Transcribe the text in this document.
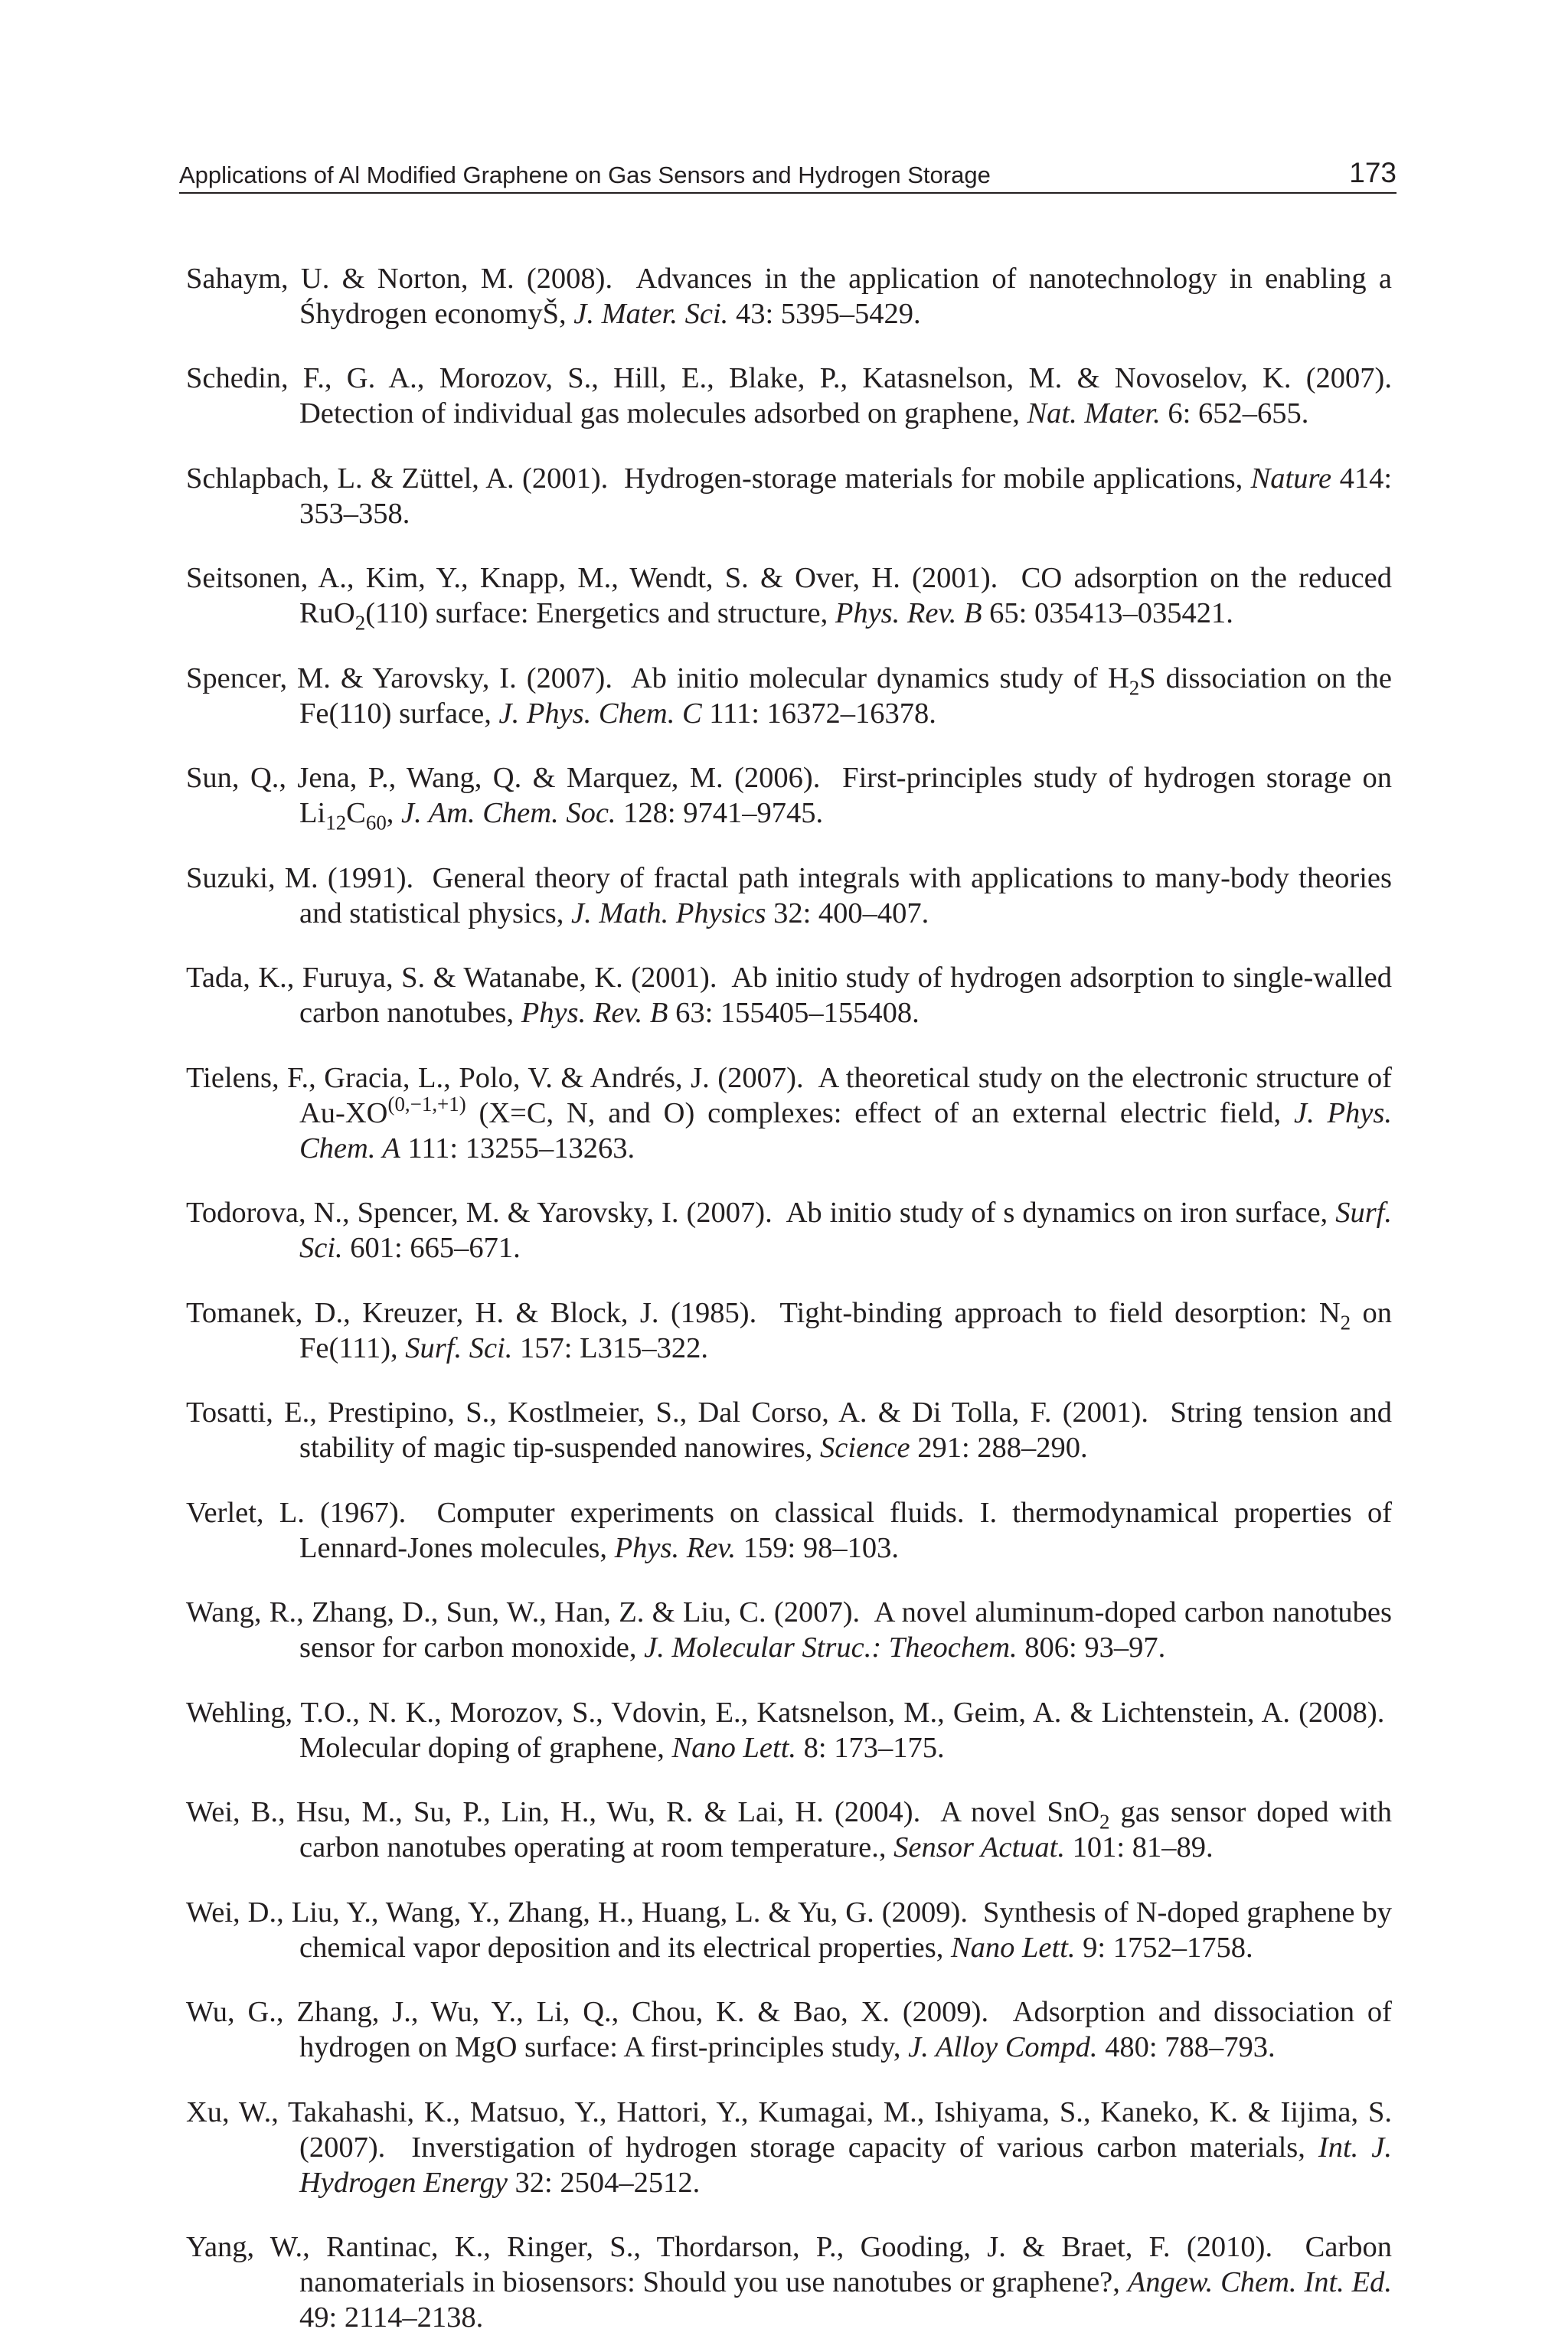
Applications of Al Modified Graphene on Gas Sensors and Hydrogen Storage	173

Sahaym, U. & Norton, M. (2008). Advances in the application of nanotechnology in enabling a Śhydrogen economyŠ, J. Mater. Sci. 43: 5395–5429.

Schedin, F., G. A., Morozov, S., Hill, E., Blake, P., Katasnelson, M. & Novoselov, K. (2007). Detection of individual gas molecules adsorbed on graphene, Nat. Mater. 6: 652–655.

Schlapbach, L. & Züttel, A. (2001). Hydrogen-storage materials for mobile applications, Nature 414: 353–358.

Seitsonen, A., Kim, Y., Knapp, M., Wendt, S. & Over, H. (2001). CO adsorption on the reduced RuO$_2$(110) surface: Energetics and structure, Phys. Rev. B 65: 035413–035421.

Spencer, M. & Yarovsky, I. (2007). Ab initio molecular dynamics study of $H_2S$ dissociation on the Fe(110) surface, J. Phys. Chem. C 111: 16372–16378.

Sun, Q., Jena, P., Wang, Q. & Marquez, M. (2006). First-principles study of hydrogen storage on $Li_{12}C_{60}$, J. Am. Chem. Soc. 128: 9741–9745.

Suzuki, M. (1991). General theory of fractal path integrals with applications to many-body theories and statistical physics, J. Math. Physics 32: 400–407.

Tada, K., Furuya, S. & Watanabe, K. (2001). Ab initio study of hydrogen adsorption to single-walled carbon nanotubes, Phys. Rev. B 63: 155405–155408.

Tielens, F., Gracia, L., Polo, V. & Andrés, J. (2007). A theoretical study on the electronic structure of $Au-XO^{(0,-1,+1)}$ (X=C, N, and O) complexes: effect of an external electric field, J. Phys. Chem. A 111: 13255–13263.

Todorova, N., Spencer, M. & Yarovsky, I. (2007). Ab initio study of s dynamics on iron surface, Surf. Sci. 601: 665–671.

Tomanek, D., Kreuzer, H. & Block, J. (1985). Tight-binding approach to field desorption: $N_2$ on Fe(111), Surf. Sci. 157: L315–322.

Tosatti, E., Prestipino, S., Kostlmeier, S., Dal Corso, A. & Di Tolla, F. (2001). String tension and stability of magic tip-suspended nanowires, Science 291: 288–290.

Verlet, L. (1967). Computer experiments on classical fluids. I. thermodynamical properties of Lennard-Jones molecules, Phys. Rev. 159: 98–103.

Wang, R., Zhang, D., Sun, W., Han, Z. & Liu, C. (2007). A novel aluminum-doped carbon nanotubes sensor for carbon monoxide, J. Molecular Struc.: Theochem. 806: 93–97.

Wehling, T.O., N. K., Morozov, S., Vdovin, E., Katsnelson, M., Geim, A. & Lichtenstein, A. (2008).  Molecular doping of graphene, Nano Lett. 8: 173–175.

Wei, B., Hsu, M., Su, P., Lin, H., Wu, R. & Lai, H. (2004). A novel SnO$_2$ gas sensor doped with carbon nanotubes operating at room temperature., Sensor Actuat. 101: 81–89.

Wei, D., Liu, Y., Wang, Y., Zhang, H., Huang, L. & Yu, G. (2009). Synthesis of N-doped graphene by chemical vapor deposition and its electrical properties, Nano Lett. 9: 1752–1758.

Wu, G., Zhang, J., Wu, Y., Li, Q., Chou, K. & Bao, X. (2009). Adsorption and dissociation of hydrogen on MgO surface: A first-principles study, J. Alloy Compd. 480: 788–793.

Xu, W., Takahashi, K., Matsuo, Y., Hattori, Y., Kumagai, M., Ishiyama, S., Kaneko, K. & Iijima, S. (2007). Inverstigation of hydrogen storage capacity of various carbon materials, Int. J. Hydrogen Energy 32: 2504–2512.

Yang, W., Rantinac, K., Ringer, S., Thordarson, P., Gooding, J. & Braet, F. (2010). Carbon nanomaterials in biosensors: Should you use nanotubes or graphene?, Angew. Chem. Int. Ed. 49: 2114–2138.
